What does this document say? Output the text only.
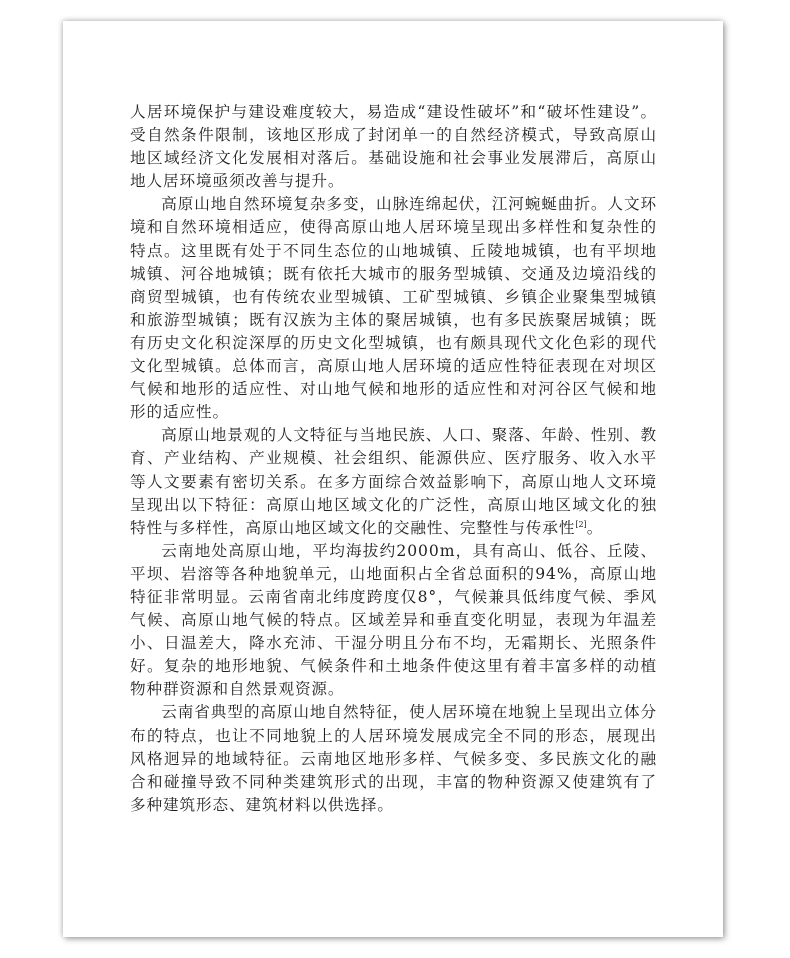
人居环境保护与建设难度较大，易造成“建设性破坏”和“破坏性建设”。受自然条件限制，该地区形成了封闭单一的自然经济模式，导致高原山地区域经济文化发展相对落后。基础设施和社会事业发展滞后，高原山地人居环境亟须改善与提升。

高原山地自然环境复杂多变，山脉连绵起伏，江河蜿蜒曲折。人文环境和自然环境相适应，使得高原山地人居环境呈现出多样性和复杂性的特点。这里既有处于不同生态位的山地城镇、丘陵地城镇，也有平坝地城镇、河谷地城镇；既有依托大城市的服务型城镇、交通及边境沿线的商贸型城镇，也有传统农业型城镇、工矿型城镇、乡镇企业聚集型城镇和旅游型城镇；既有汉族为主体的聚居城镇，也有多民族聚居城镇；既有历史文化积淀深厚的历史文化型城镇，也有颇具现代文化色彩的现代文化型城镇。总体而言，高原山地人居环境的适应性特征表现在对坝区气候和地形的适应性、对山地气候和地形的适应性和对河谷区气候和地形的适应性。

高原山地景观的人文特征与当地民族、人口、聚落、年龄、性别、教育、产业结构、产业规模、社会组织、能源供应、医疗服务、收入水平等人文要素有密切关系。在多方面综合效益影响下，高原山地人文环境呈现出以下特征：高原山地区域文化的广泛性，高原山地区域文化的独特性与多样性，高原山地区域文化的交融性、完整性与传承性[2]。

云南地处高原山地，平均海拔约2000m，具有高山、低谷、丘陵、平坝、岩溶等各种地貌单元，山地面积占全省总面积的94%，高原山地特征非常明显。云南省南北纬度跨度仅8°，气候兼具低纬度气候、季风气候、高原山地气候的特点。区域差异和垂直变化明显，表现为年温差小、日温差大，降水充沛、干湿分明且分布不均，无霜期长、光照条件好。复杂的地形地貌、气候条件和土地条件使这里有着丰富多样的动植物种群资源和自然景观资源。

云南省典型的高原山地自然特征，使人居环境在地貌上呈现出立体分布的特点，也让不同地貌上的人居环境发展成完全不同的形态，展现出风格迥异的地域特征。云南地区地形多样、气候多变、多民族文化的融合和碰撞导致不同种类建筑形式的出现，丰富的物种资源又使建筑有了多种建筑形态、建筑材料以供选择。
